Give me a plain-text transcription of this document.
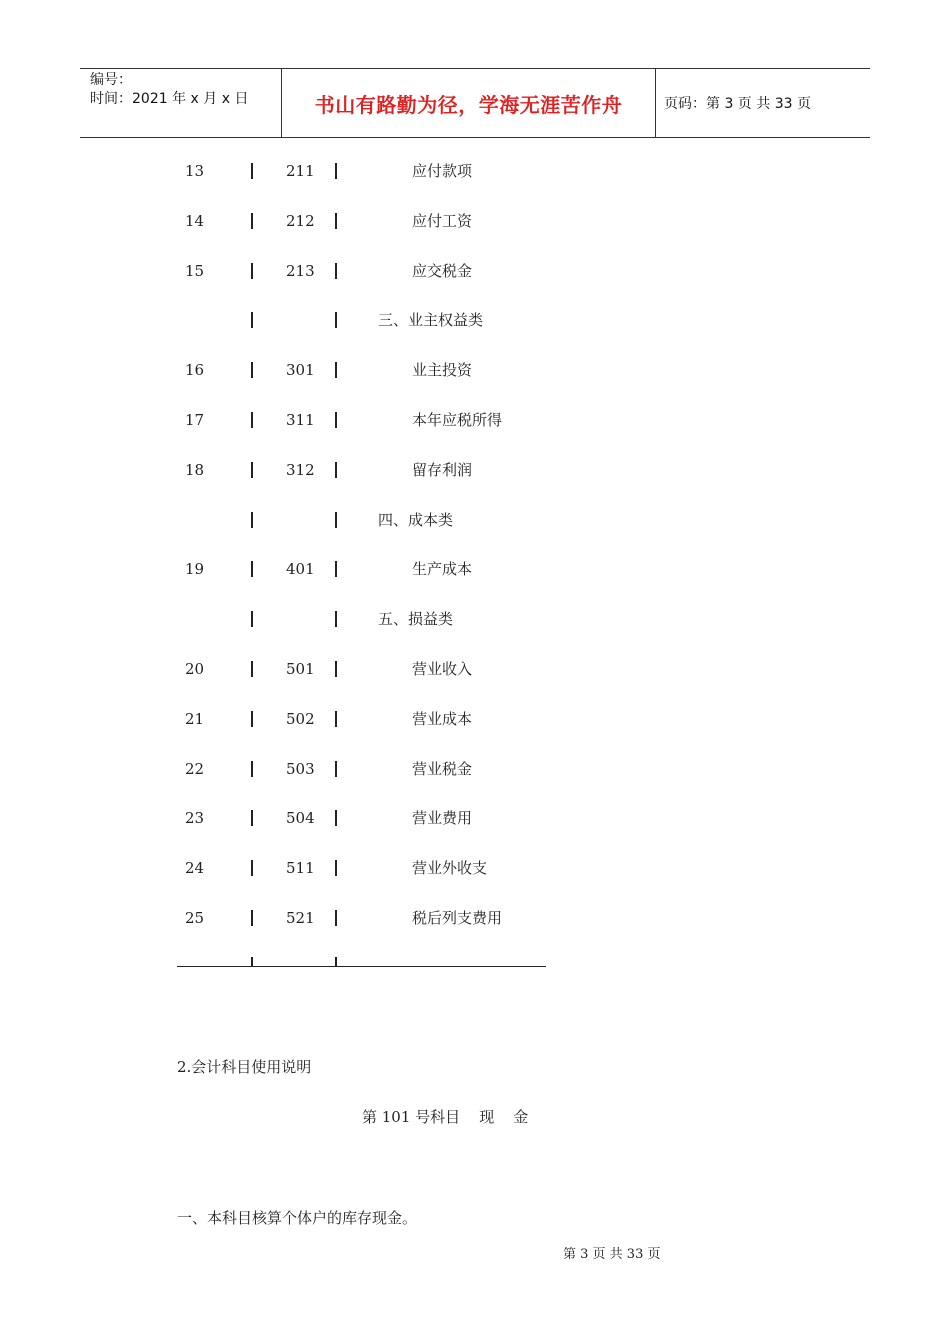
编号：
时间：2021 年 x 月 x 日	书山有路勤为径，学海无涯苦作舟	页码：第 3 页 共 33 页
13	211	应付款项
14	212	应付工资
15	213	应交税金
三、业主权益类
16	301	业主投资
17	311	本年应税所得
18	312	留存利润
四、成本类
19	401	生产成本
五、损益类
20	501	营业收入
21	502	营业成本
22	503	营业税金
23	504	营业费用
24	511	营业外收支
25	521	税后列支费用
2.会计科目使用说明
第 101 号科目    现    金
一、本科目核算个体户的库存现金。
第 3 页 共 33 页
